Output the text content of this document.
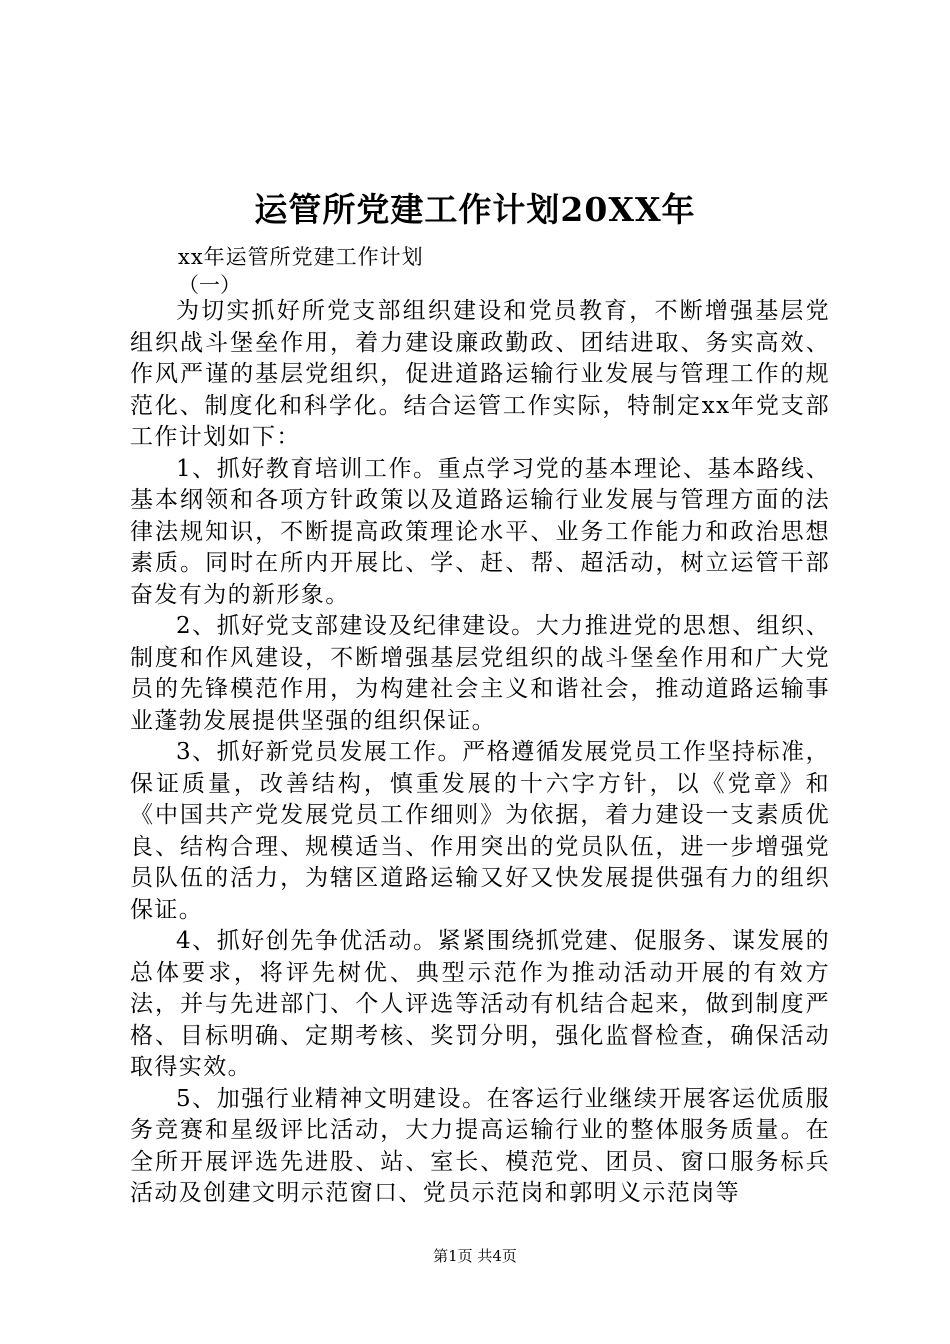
运管所党建工作计划20XX年
xx年运管所党建工作计划
（一）

为切实抓好所党支部组织建设和党员教育，不断增强基层党组织战斗堡垒作用，着力建设廉政勤政、团结进取、务实高效、作风严谨的基层党组织，促进道路运输行业发展与管理工作的规范化、制度化和科学化。结合运管工作实际，特制定xx年党支部工作计划如下：

1、抓好教育培训工作。重点学习党的基本理论、基本路线、基本纲领和各项方针政策以及道路运输行业发展与管理方面的法律法规知识，不断提高政策理论水平、业务工作能力和政治思想素质。同时在所内开展比、学、赶、帮、超活动，树立运管干部奋发有为的新形象。

2、抓好党支部建设及纪律建设。大力推进党的思想、组织、制度和作风建设，不断增强基层党组织的战斗堡垒作用和广大党员的先锋模范作用，为构建社会主义和谐社会，推动道路运输事业蓬勃发展提供坚强的组织保证。

3、抓好新党员发展工作。严格遵循发展党员工作坚持标准，保证质量，改善结构，慎重发展的十六字方针，以《党章》和《中国共产党发展党员工作细则》为依据，着力建设一支素质优良、结构合理、规模适当、作用突出的党员队伍，进一步增强党员队伍的活力，为辖区道路运输又好又快发展提供强有力的组织保证。

4、抓好创先争优活动。紧紧围绕抓党建、促服务、谋发展的总体要求，将评先树优、典型示范作为推动活动开展的有效方法，并与先进部门、个人评选等活动有机结合起来，做到制度严格、目标明确、定期考核、奖罚分明，强化监督检查，确保活动取得实效。

5、加强行业精神文明建设。在客运行业继续开展客运优质服务竞赛和星级评比活动，大力提高运输行业的整体服务质量。在全所开展评选先进股、站、室长、模范党、团员、窗口服务标兵活动及创建文明示范窗口、党员示范岗和郭明义示范岗等

第1页 共4页
